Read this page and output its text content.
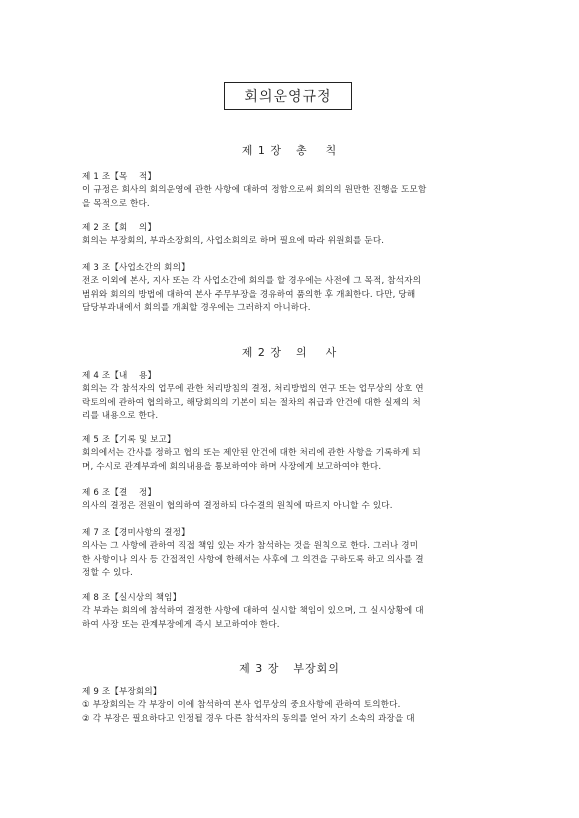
회의운영규정
제 1 장 총    칙
제 1 조【목    적】
이 규정은 회사의 회의운영에 관한 사항에 대하여 정함으로써 회의의 원만한 진행을 도모함
을 목적으로 한다.
제 2 조【회    의】
회의는 부장회의, 부과소장회의, 사업소회의로 하며 필요에 따라 위원회를 둔다.
제 3 조【사업소간의 회의】
전조 이외에 본사, 지사 또는 각 사업소간에 회의를 할 경우에는 사전에 그 목적, 참석자의
범위와 회의의 방법에 대하여 본사 주무부장을 경유하여 품의한 후 개최한다. 다만, 당해
담당부과내에서 회의를 개최할 경우에는 그러하지 아니하다.
제 2 장 의    사
제 4 조【내    용】
회의는 각 참석자의 업무에 관한 처리방침의 결정, 처리방법의 연구 또는 업무상의 상호 연
락토의에 관하여 협의하고, 해당회의의 기본이 되는 절차의 취급과 안건에 대한 실제의 처
리를 내용으로 한다.
제 5 조【기록 및 보고】
회의에서는 간사를 정하고 협의 또는 제안된 안건에 대한 처리에 관한 사항을 기록하게 되
며, 수시로 관계부과에 회의내용을 통보하여야 하며 사장에게 보고하여야 한다.
제 6 조【결    정】
의사의 결정은 전원이 협의하여 결정하되 다수결의 원칙에 따르지 아니할 수 있다.
제 7 조【경미사항의 결정】
의사는 그 사항에 관하여 직접 책임 있는 자가 참석하는 것을 원칙으로 한다. 그러나 경미
한 사항이나 의사 등 간접적인 사항에 한해서는 사후에 그 의견을 구하도록 하고 의사를 결
정할 수 있다.
제 8 조【실시상의 책임】
각 부과는 회의에 참석하여 결정한 사항에 대하여 실시할 책임이 있으며, 그 실시상황에 대
하여 사장 또는 관계부장에게 즉시 보고하여야 한다.
제 3 장 부장회의
제 9 조【부장회의】
① 부장회의는 각 부장이 이에 참석하여 본사 업무상의 중요사항에 관하여 토의한다.
② 각 부장은 필요하다고 인정될 경우 다른 참석자의 동의를 얻어 자기 소속의 과장을 대
